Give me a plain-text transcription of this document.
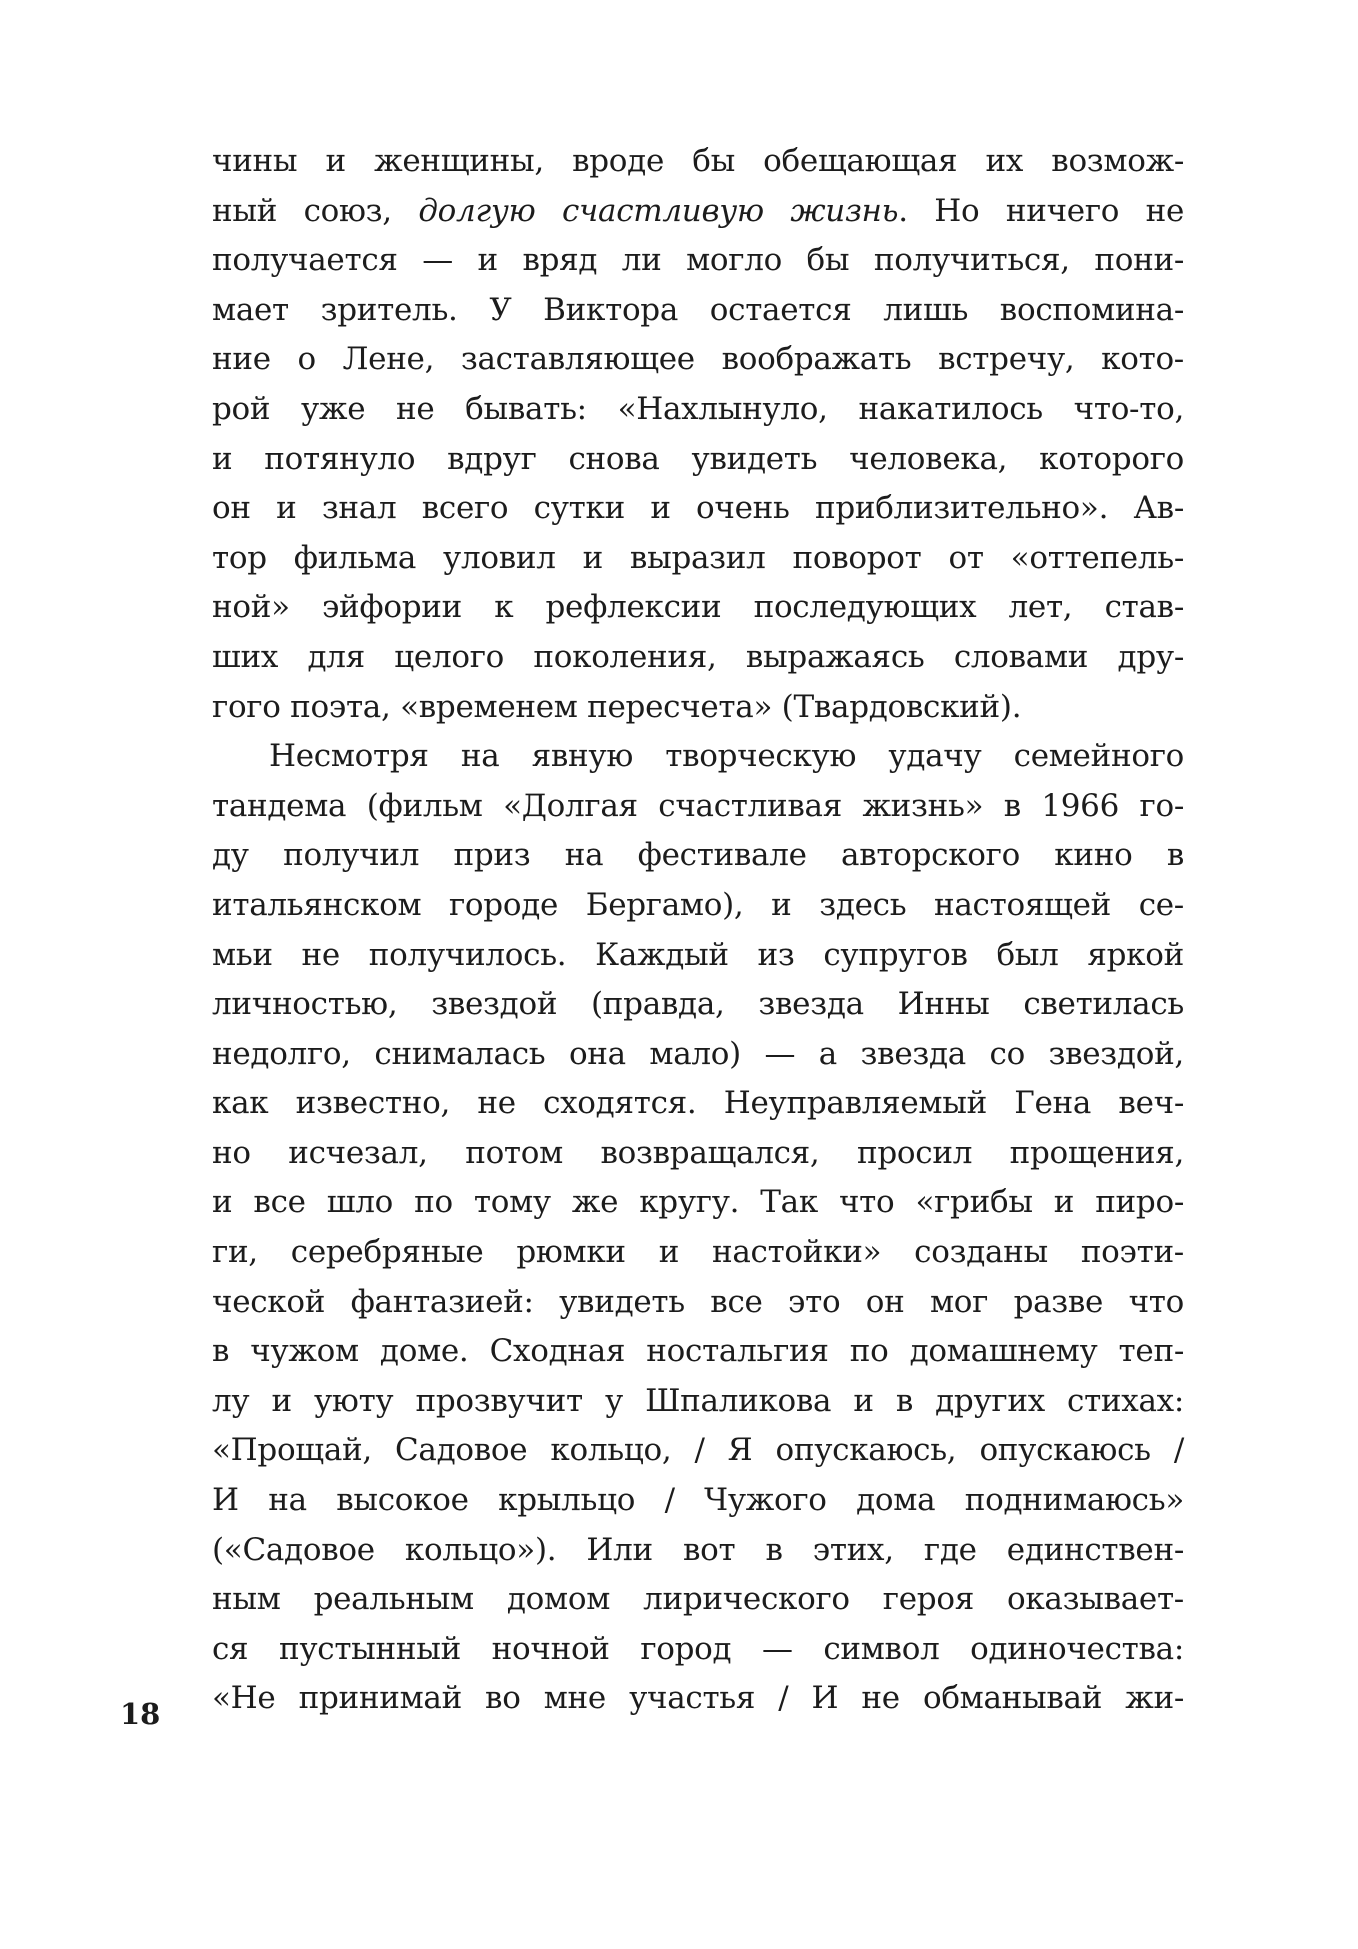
чины и женщины, вроде бы обещающая их возмож-
ный союз, долгую счастливую жизнь. Но ничего не
получается — и вряд ли могло бы получиться, пони-
мает зритель. У Виктора остается лишь воспомина-
ние о Лене, заставляющее воображать встречу, кото-
рой уже не бывать: «Нахлынуло, накатилось что-то,
и потянуло вдруг снова увидеть человека, которого
он и знал всего сутки и очень приблизительно». Ав-
тор фильма уловил и выразил поворот от «оттепель-
ной» эйфории к рефлексии последующих лет, став-
ших для целого поколения, выражаясь словами дру-
гого поэта, «временем пересчета» (Твардовский).
Несмотря на явную творческую удачу семейного
тандема (фильм «Долгая счастливая жизнь» в 1966 го-
ду получил приз на фестивале авторского кино в
итальянском городе Бергамо), и здесь настоящей се-
мьи не получилось. Каждый из супругов был яркой
личностью, звездой (правда, звезда Инны светилась
недолго, снималась она мало) — а звезда со звездой,
как известно, не сходятся. Неуправляемый Гена веч-
но исчезал, потом возвращался, просил прощения,
и все шло по тому же кругу. Так что «грибы и пиро-
ги, серебряные рюмки и настойки» созданы поэти-
ческой фантазией: увидеть все это он мог разве что
в чужом доме. Сходная ностальгия по домашнему теп-
лу и уюту прозвучит у Шпаликова и в других стихах:
«Прощай, Садовое кольцо, / Я опускаюсь, опускаюсь /
И на высокое крыльцо / Чужого дома поднимаюсь»
(«Садовое кольцо»). Или вот в этих, где единствен-
ным реальным домом лирического героя оказывает-
ся пустынный ночной город — символ одиночества:
«Не принимай во мне участья / И не обманывай жи-
18
